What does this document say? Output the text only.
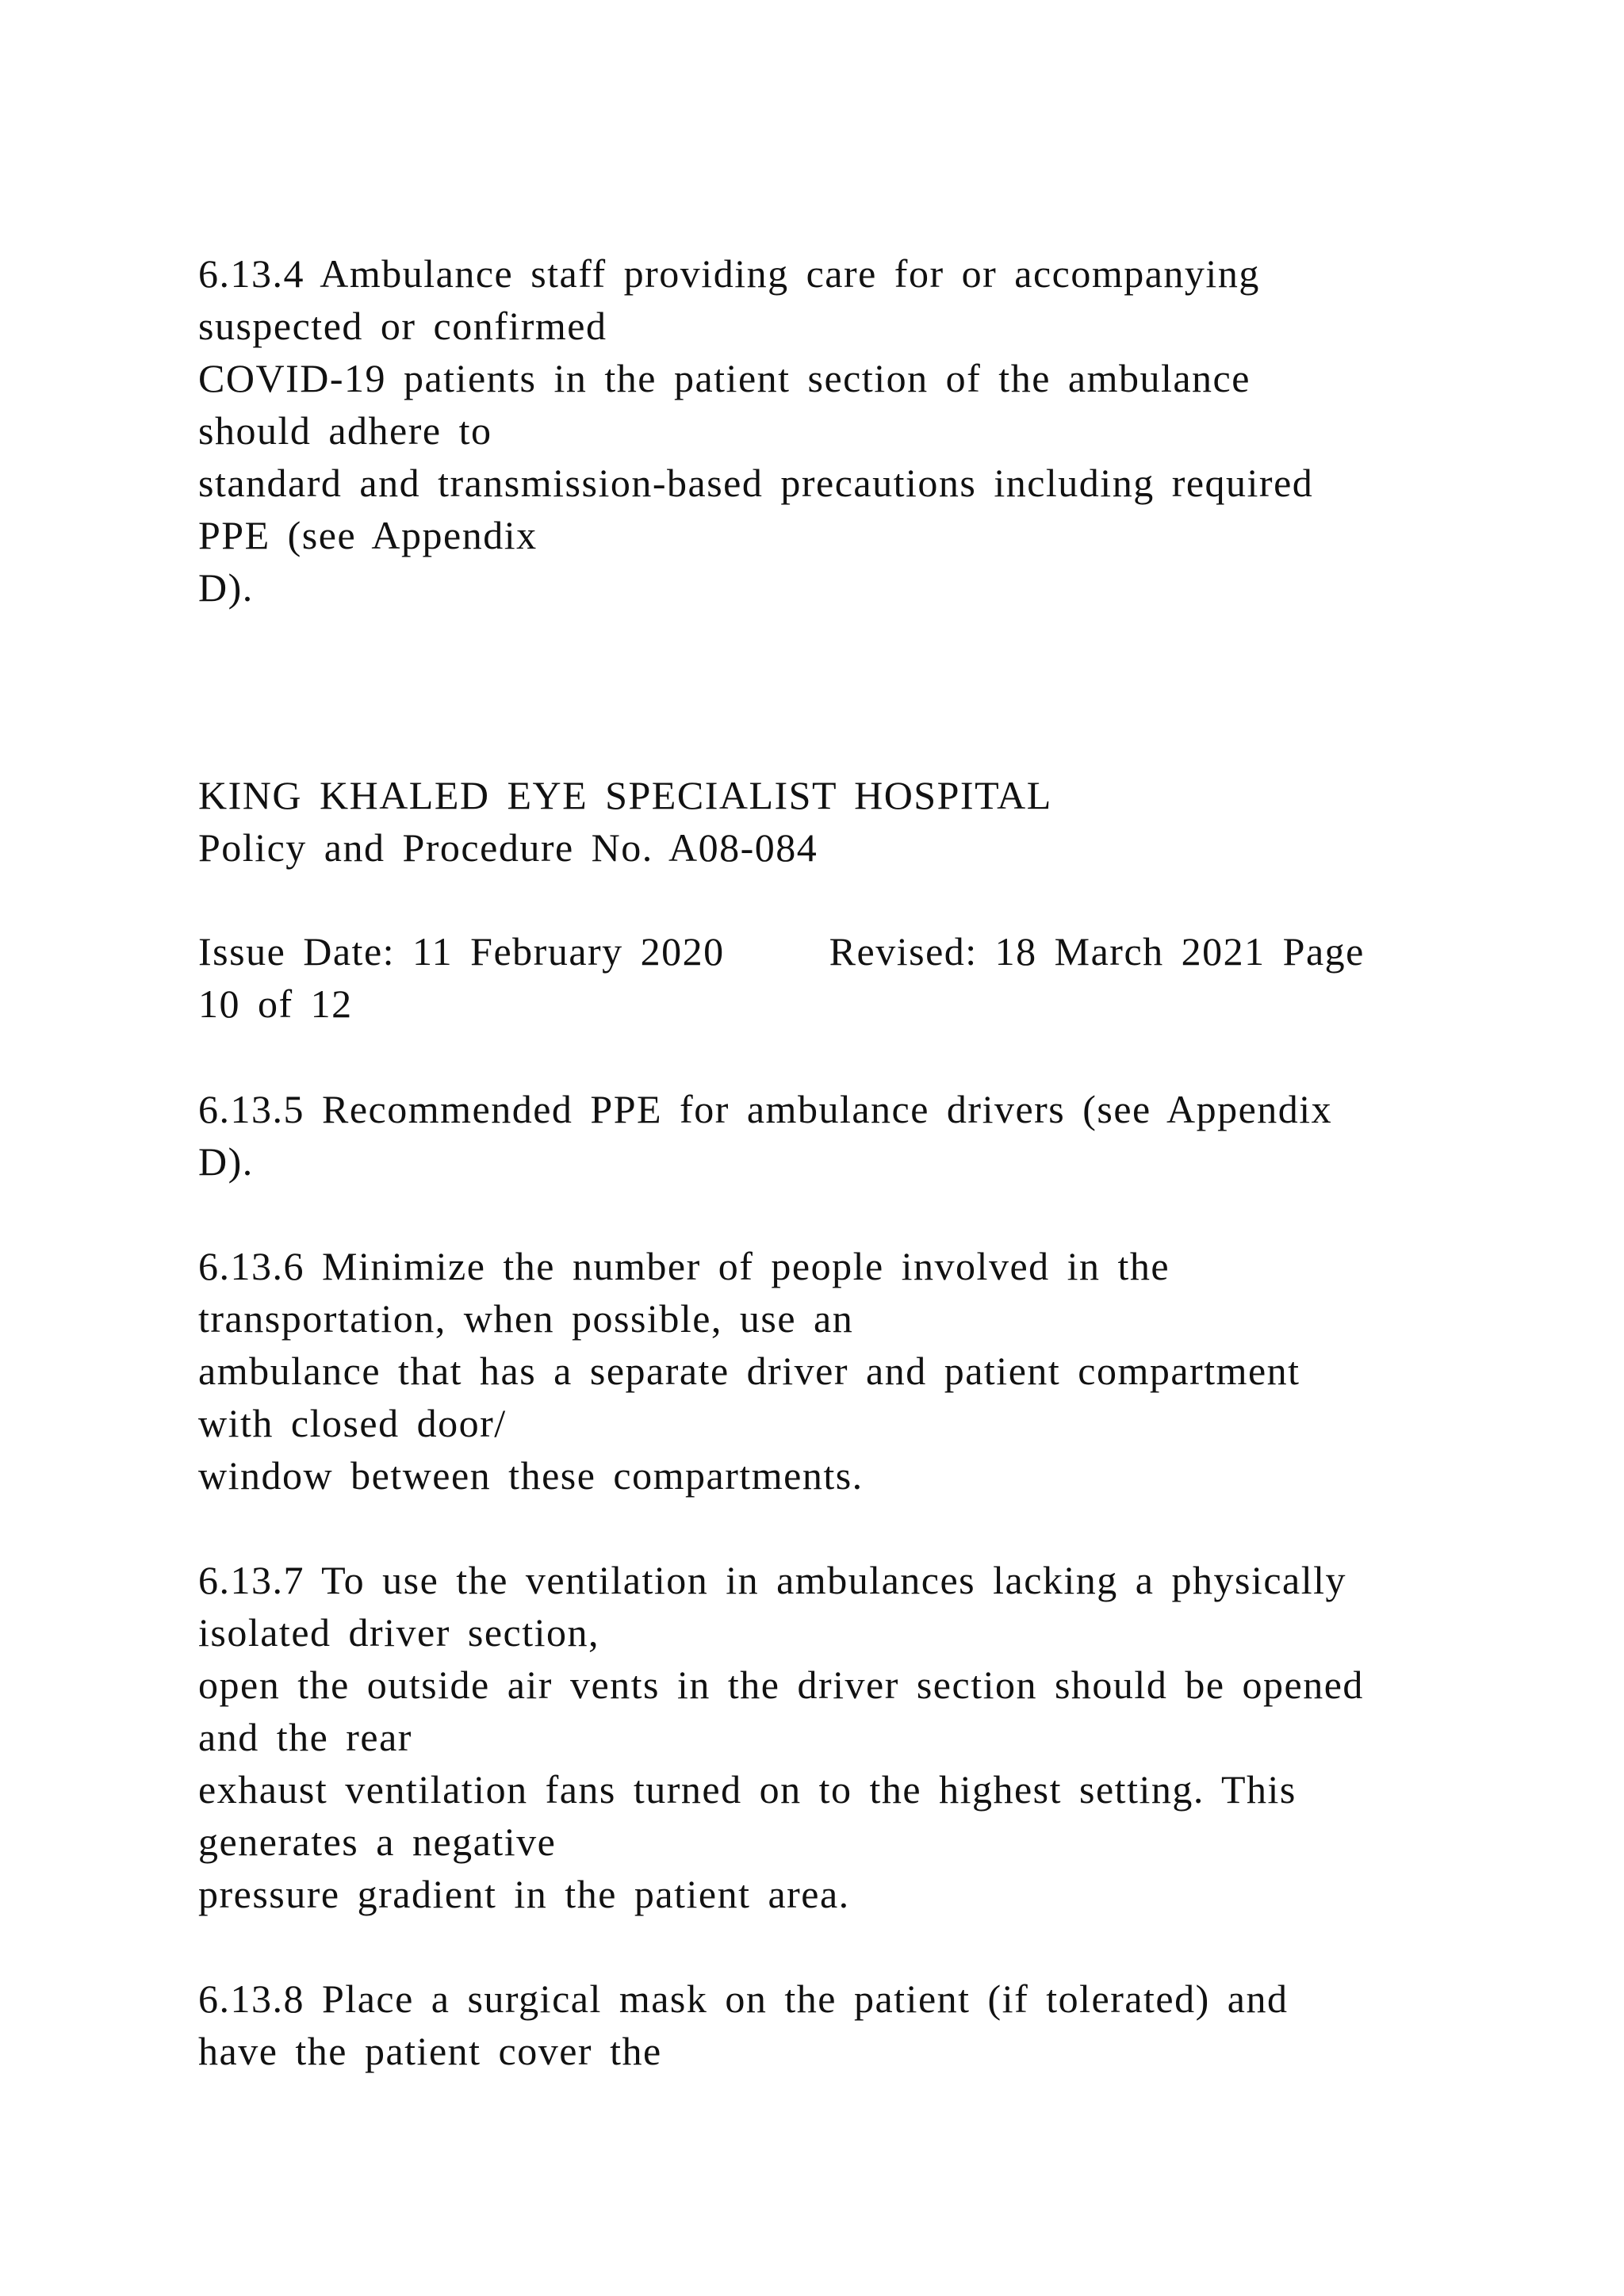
6.13.4 Ambulance staff providing care for or accompanying
suspected or confirmed
COVID-19 patients in the patient section of the ambulance
should adhere to
standard and transmission-based precautions including required
PPE (see Appendix
D).
KING KHALED EYE SPECIALIST HOSPITAL
Policy and Procedure No. A08-084
Issue Date: 11 February 2020      Revised: 18 March 2021 Page
10 of 12
6.13.5 Recommended PPE for ambulance drivers (see Appendix
D).
6.13.6 Minimize the number of people involved in the
transportation, when possible, use an
ambulance that has a separate driver and patient compartment
with closed door/
window between these compartments.
6.13.7 To use the ventilation in ambulances lacking a physically
isolated driver section,
open the outside air vents in the driver section should be opened
and the rear
exhaust ventilation fans turned on to the highest setting. This
generates a negative
pressure gradient in the patient area.
6.13.8 Place a surgical mask on the patient (if tolerated) and
have the patient cover the
